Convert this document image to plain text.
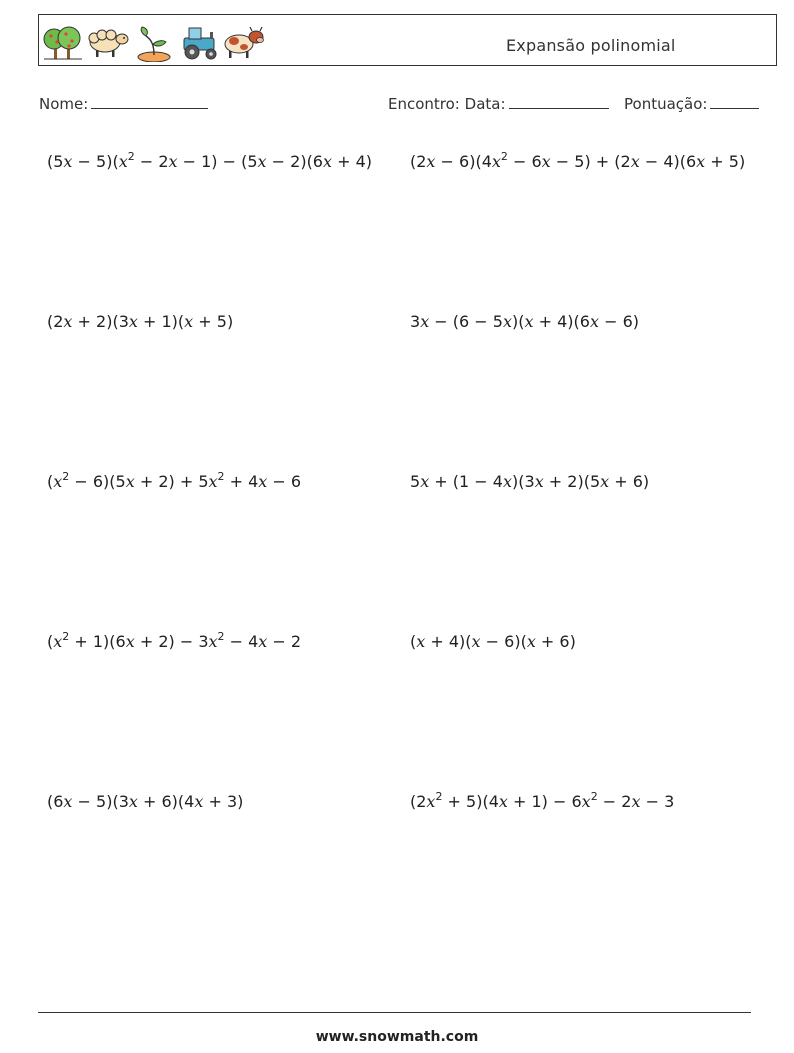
Expansão polinomial
Nome:	Encontro: Data:	Pontuação:
$(5x - 5)(x^2 - 2x - 1) - (5x - 2)(6x + 4)$ $(2x - 6)(4x^2 - 6x - 5) + (2x - 4)(6x + 5)$
(2x + 2)(3x + 1)(x + 5)	3x − (6 − 5x)(x + 4)(6x − 6)
$(x^2 - 6)(5x + 2) + 5x^2 + 4x - 6$	5x + (1 − 4x)(3x + 2)(5x + 6)
$(x^2 + 1)(6x + 2) - 3x^2 - 4x - 2$	(x + 4)(x − 6)(x + 6)
(6x − 5)(3x + 6)(4x + 3)	$(2x^2 + 5)(4x + 1) - 6x^2 - 2x - 3$
www.snowmath.com
